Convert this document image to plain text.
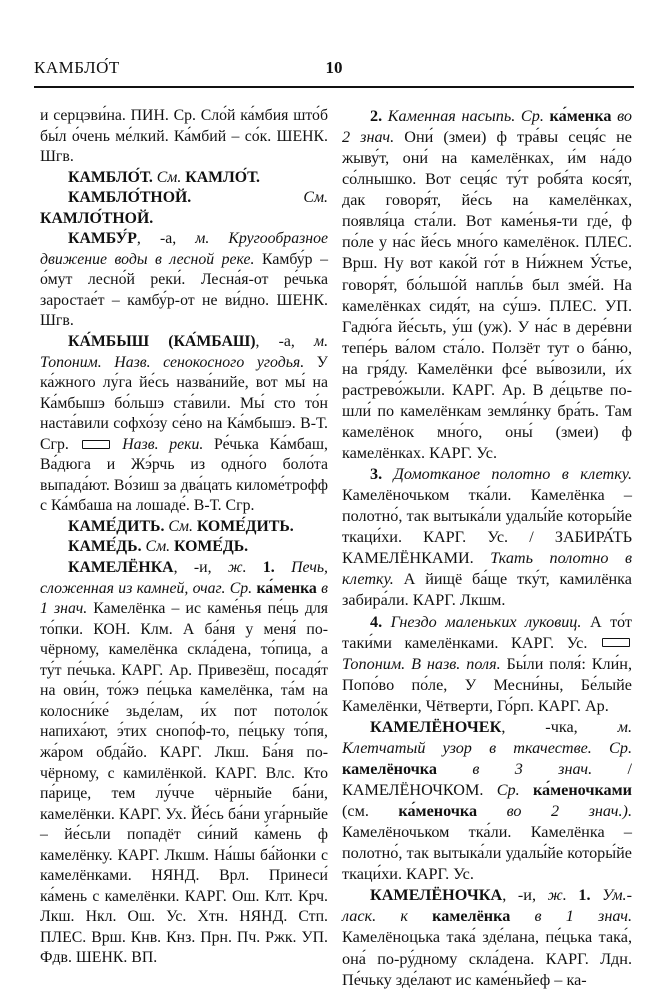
КАМБЛО́Т	10

и серцэви́на. ПИН. Ср. Сло́й ка́мбия што́б бы́л о́чень ме́лкий. Ка́мбий – со́к. ШЕНК. Шгв.

КАМБЛО́Т. См. КАМЛО́Т.

КАМБЛО́ТНОЙ. См. КАМЛО́ТНОЙ.

КАМБУ́Р, -а, м. Кругообразное движение воды в лесной реке. Камбу́р – о́мут лесно́й реки́. Лесна́я-от ре́чька заростае́т – камбу́р-от не ви́дно. ШЕНК. Шгв.

КА́МБЫШ (КА́МБАШ), -а, м. Топоним. Назв. сенокосного угодья. У ка́жного лу́га йе́сь назва́нийе, вот мы́ на Ка́мбышэ бо́льшэ ста́вили. Мы́ сто то́н наста́вили софхо́зу се́но на Ка́мбышэ. В-Т. Сгр.	Назв. реки. Ре́чька Ка́мбаш, Ва́дюга и Жэ́рчь из одно́го боло́та выпада́ют. Во́зиш за два́цать киломе́трофф с Ка́мбаша на лошаде́. В-Т. Сгр.

КАМЕ́ДИТЬ. См. КОМЕ́ДИТЬ.

КАМЕ́ДЬ. См. КОМЕ́ДЬ.

КАМЕЛЁНКА, -и, ж. 1. Печь, сложенная из камней, очаг. Ср. ка́менка в 1 знач. Камелёнка – ис каме́нья пе́ць для то́пки. КОН. Клм. А ба́ня у меня́ по-чёрному, камелёнка скла́дена, то́пица, а ту́т пе́чька. КАРГ. Ар. Привезёш, посадя́т на ови́н, то́жэ пе́цька камелёнка, та́м на колосни́ке́ зьде́лам, и́х пот потоло́к напиха́ют, э́тих снопо́ф-то, пе́цьку то́пя, жа́ром обда́йо. КАРГ. Лкш. Ба́ня по-чёрному, с камилёнкой. КАРГ. Влс. Кто па́рице, тем лу́чче чёрныйе ба́ни, камелёнки. КАРГ. Ух. Йе́сь ба́ни уга́рныйе – йе́сьли попадёт си́ний ка́мень ф камелёнку. КАРГ. Лкшм. На́шы ба́йонки с камелёнками. НЯНД. Врл. Принеси́ ка́мень с камелёнки. КАРГ. Ош. Клт. Крч. Лкш. Нкл. Ош. Ус. Хтн. НЯНД. Стп. ПЛЕС. Врш. Кнв. Кнз. Прн. Пч. Ржк. УП. Фдв. ШЕНК. ВП.

2. Каменная насыпь. Ср. ка́менка во 2 знач. Они́ (змеи) ф тра́вы сеця́с не жыву́т, они́ на камелёнках, и́м на́до со́лнышко. Вот сеця́с ту́т робя́та кося́т, дак говоря́т, йе́сь на камелёнках, появля́ца ста́ли. Вот каме́нья-ти где́, ф по́ле у на́с йе́сь мно́го камелёнок. ПЛЕС. Врш. Ну вот како́й го́т в Ни́жнем У́стье, говоря́т, бо́льшо́й напль́в был зме́й. На камелёнках сидя́т, на су́шэ. ПЛЕС. УП. Гадю́га йе́сьть, у́ш (уж). У на́с в дере́вни тепе́рь ва́лом ста́ло. Ползёт тут о ба́ню, на гря́ду. Камелёнки фсе́ вы́возили, и́х растрево́жыли. КАРГ. Ар. В де́цьтве пошли́ по камелёнкам земля́нку бра́ть. Там камелёнок мно́го, оны́ (змеи) ф камелёнках. КАРГ. Ус.

3. Домотканое полотно в клетку. Камелёночьком тка́ли. Камелёнка – полотно́, так вытыка́ли удалы́йе которы́йе ткаци́хи. КАРГ. Ус. / ЗАБИРА́ТЬ КАМЕЛЁНКАМИ. Ткать полотно в клетку. А йищё ба́ще тку́т, камилёнка забира́ли. КАРГ. Лкшм.

4. Гнездо маленьких луковиц. А то́т таки́ми камелёнками. КАРГ. Ус.  Топоним. В назв. поля. Бы́ли поля́: Кли́н, Попо́во по́ле, У Месни́ны, Бе́лыйе Камелёнки, Чётверти, Го́рп. КАРГ. Ар.

КАМЕЛЁНОЧЕК, -чка, м. Клетчатый узор в ткачестве. Ср. камелёночка в 3 знач. / КАМЕЛЁНОЧКОМ. Ср. ка́меночками (см. ка́меночка во 2 знач.). Камелёночьком тка́ли. Камелёнка – полотно́, так вытыка́ли удалы́йе которы́йе ткаци́хи. КАРГ. Ус.

КАМЕЛЁНОЧКА, -и, ж. 1. Ум.-ласк. к камелёнка в 1 знач. Камелёноцька така́ зде́лана, пе́цька така́, она́ по-ру́дному скла́дена. КАРГ. Лдн. Пе́чьку зде́лают ис каме́ньйеф – ка-
